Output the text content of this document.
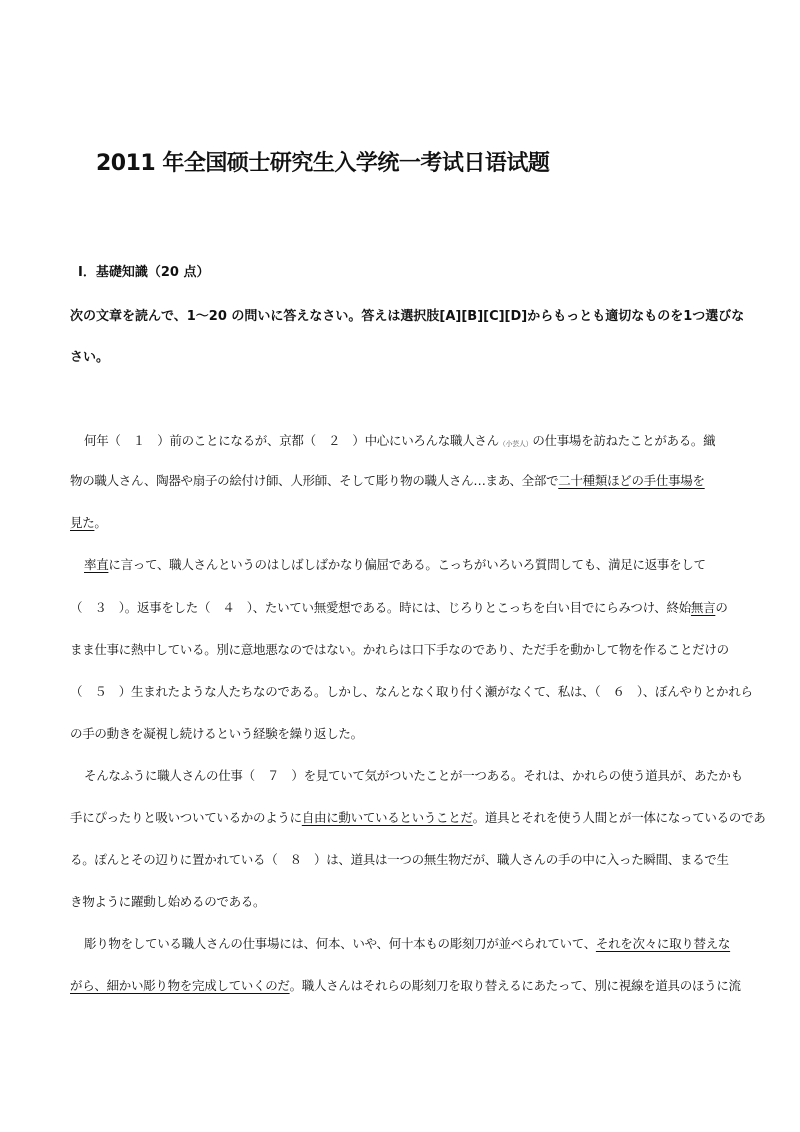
2011 年全国硕士研究生入学统一考试日语试题
Ⅰ．基礎知識（20 点）
次の文章を読んで、1～20 の問いに答えなさい。答えは選択肢[A][B][C][D]からもっとも適切なものを1つ選びな
さい。
何年（　１　）前のことになるが、京都（　２　）中心にいろんな職人さん（小芸人）の仕事場を訪ねたことがある。織
物の職人さん、陶器や扇子の絵付け師、人形師、そして彫り物の職人さん…まあ、全部で二十種類ほどの手仕事場を
見た。
率直に言って、職人さんというのはしばしばかなり偏屈である。こっちがいろいろ質問しても、満足に返事をして
（　３　）。返事をした（　４　）、たいてい無愛想である。時には、じろりとこっちを白い目でにらみつけ、終始無言の
まま仕事に熱中している。別に意地悪なのではない。かれらは口下手なのであり、ただ手を動かして物を作ることだけの
（　５　）生まれたような人たちなのである。しかし、なんとなく取り付く瀬がなくて、私は、（　６　）、ぼんやりとかれら
の手の動きを凝視し続けるという経験を繰り返した。
そんなふうに職人さんの仕事（　７　）を見ていて気がついたことが一つある。それは、かれらの使う道具が、あたかも
手にぴったりと吸いついているかのように自由に動いているということだ。道具とそれを使う人間とが一体になっているのであ
る。ぽんとその辺りに置かれている（　８　）は、道具は一つの無生物だが、職人さんの手の中に入った瞬間、まるで生
き物ように躍動し始めるのである。
彫り物をしている職人さんの仕事場には、何本、いや、何十本もの彫刻刀が並べられていて、それを次々に取り替えな
がら、細かい彫り物を完成していくのだ。職人さんはそれらの彫刻刀を取り替えるにあたって、別に視線を道具のほうに流
